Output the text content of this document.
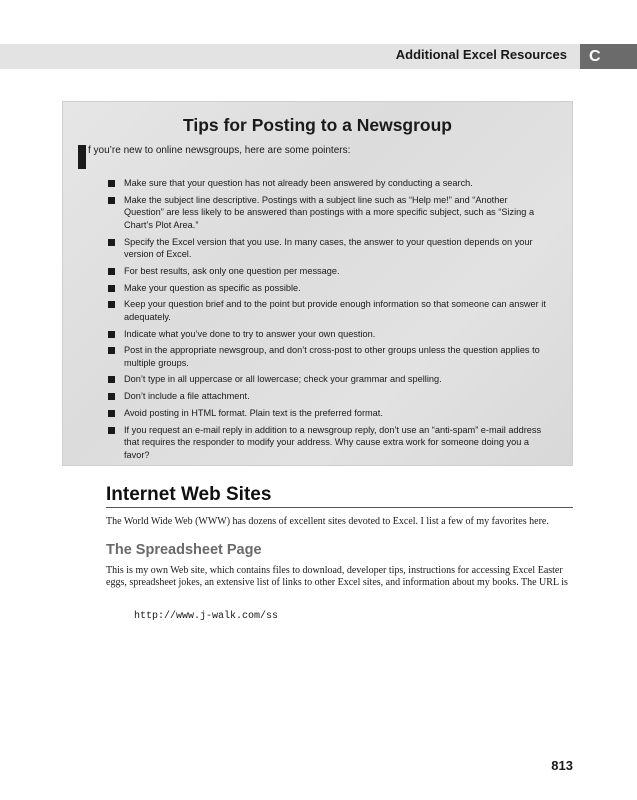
Additional Excel Resources C
Tips for Posting to a Newsgroup
f you’re new to online newsgroups, here are some pointers:
Make sure that your question has not already been answered by conducting a search.
Make the subject line descriptive. Postings with a subject line such as “Help me!” and “Another Question” are less likely to be answered than postings with a more specific subject, such as “Sizing a Chart’s Plot Area.”
Specify the Excel version that you use. In many cases, the answer to your question depends on your version of Excel.
For best results, ask only one question per message.
Make your question as specific as possible.
Keep your question brief and to the point but provide enough information so that someone can answer it adequately.
Indicate what you’ve done to try to answer your own question.
Post in the appropriate newsgroup, and don’t cross-post to other groups unless the question applies to multiple groups.
Don’t type in all uppercase or all lowercase; check your grammar and spelling.
Don’t include a file attachment.
Avoid posting in HTML format. Plain text is the preferred format.
If you request an e-mail reply in addition to a newsgroup reply, don’t use an “anti-spam” e-mail address that requires the responder to modify your address. Why cause extra work for someone doing you a favor?
Internet Web Sites
The World Wide Web (WWW) has dozens of excellent sites devoted to Excel. I list a few of my favorites here.
The Spreadsheet Page
This is my own Web site, which contains files to download, developer tips, instructions for accessing Excel Easter eggs, spreadsheet jokes, an extensive list of links to other Excel sites, and information about my books. The URL is
http://www.j-walk.com/ss
813
